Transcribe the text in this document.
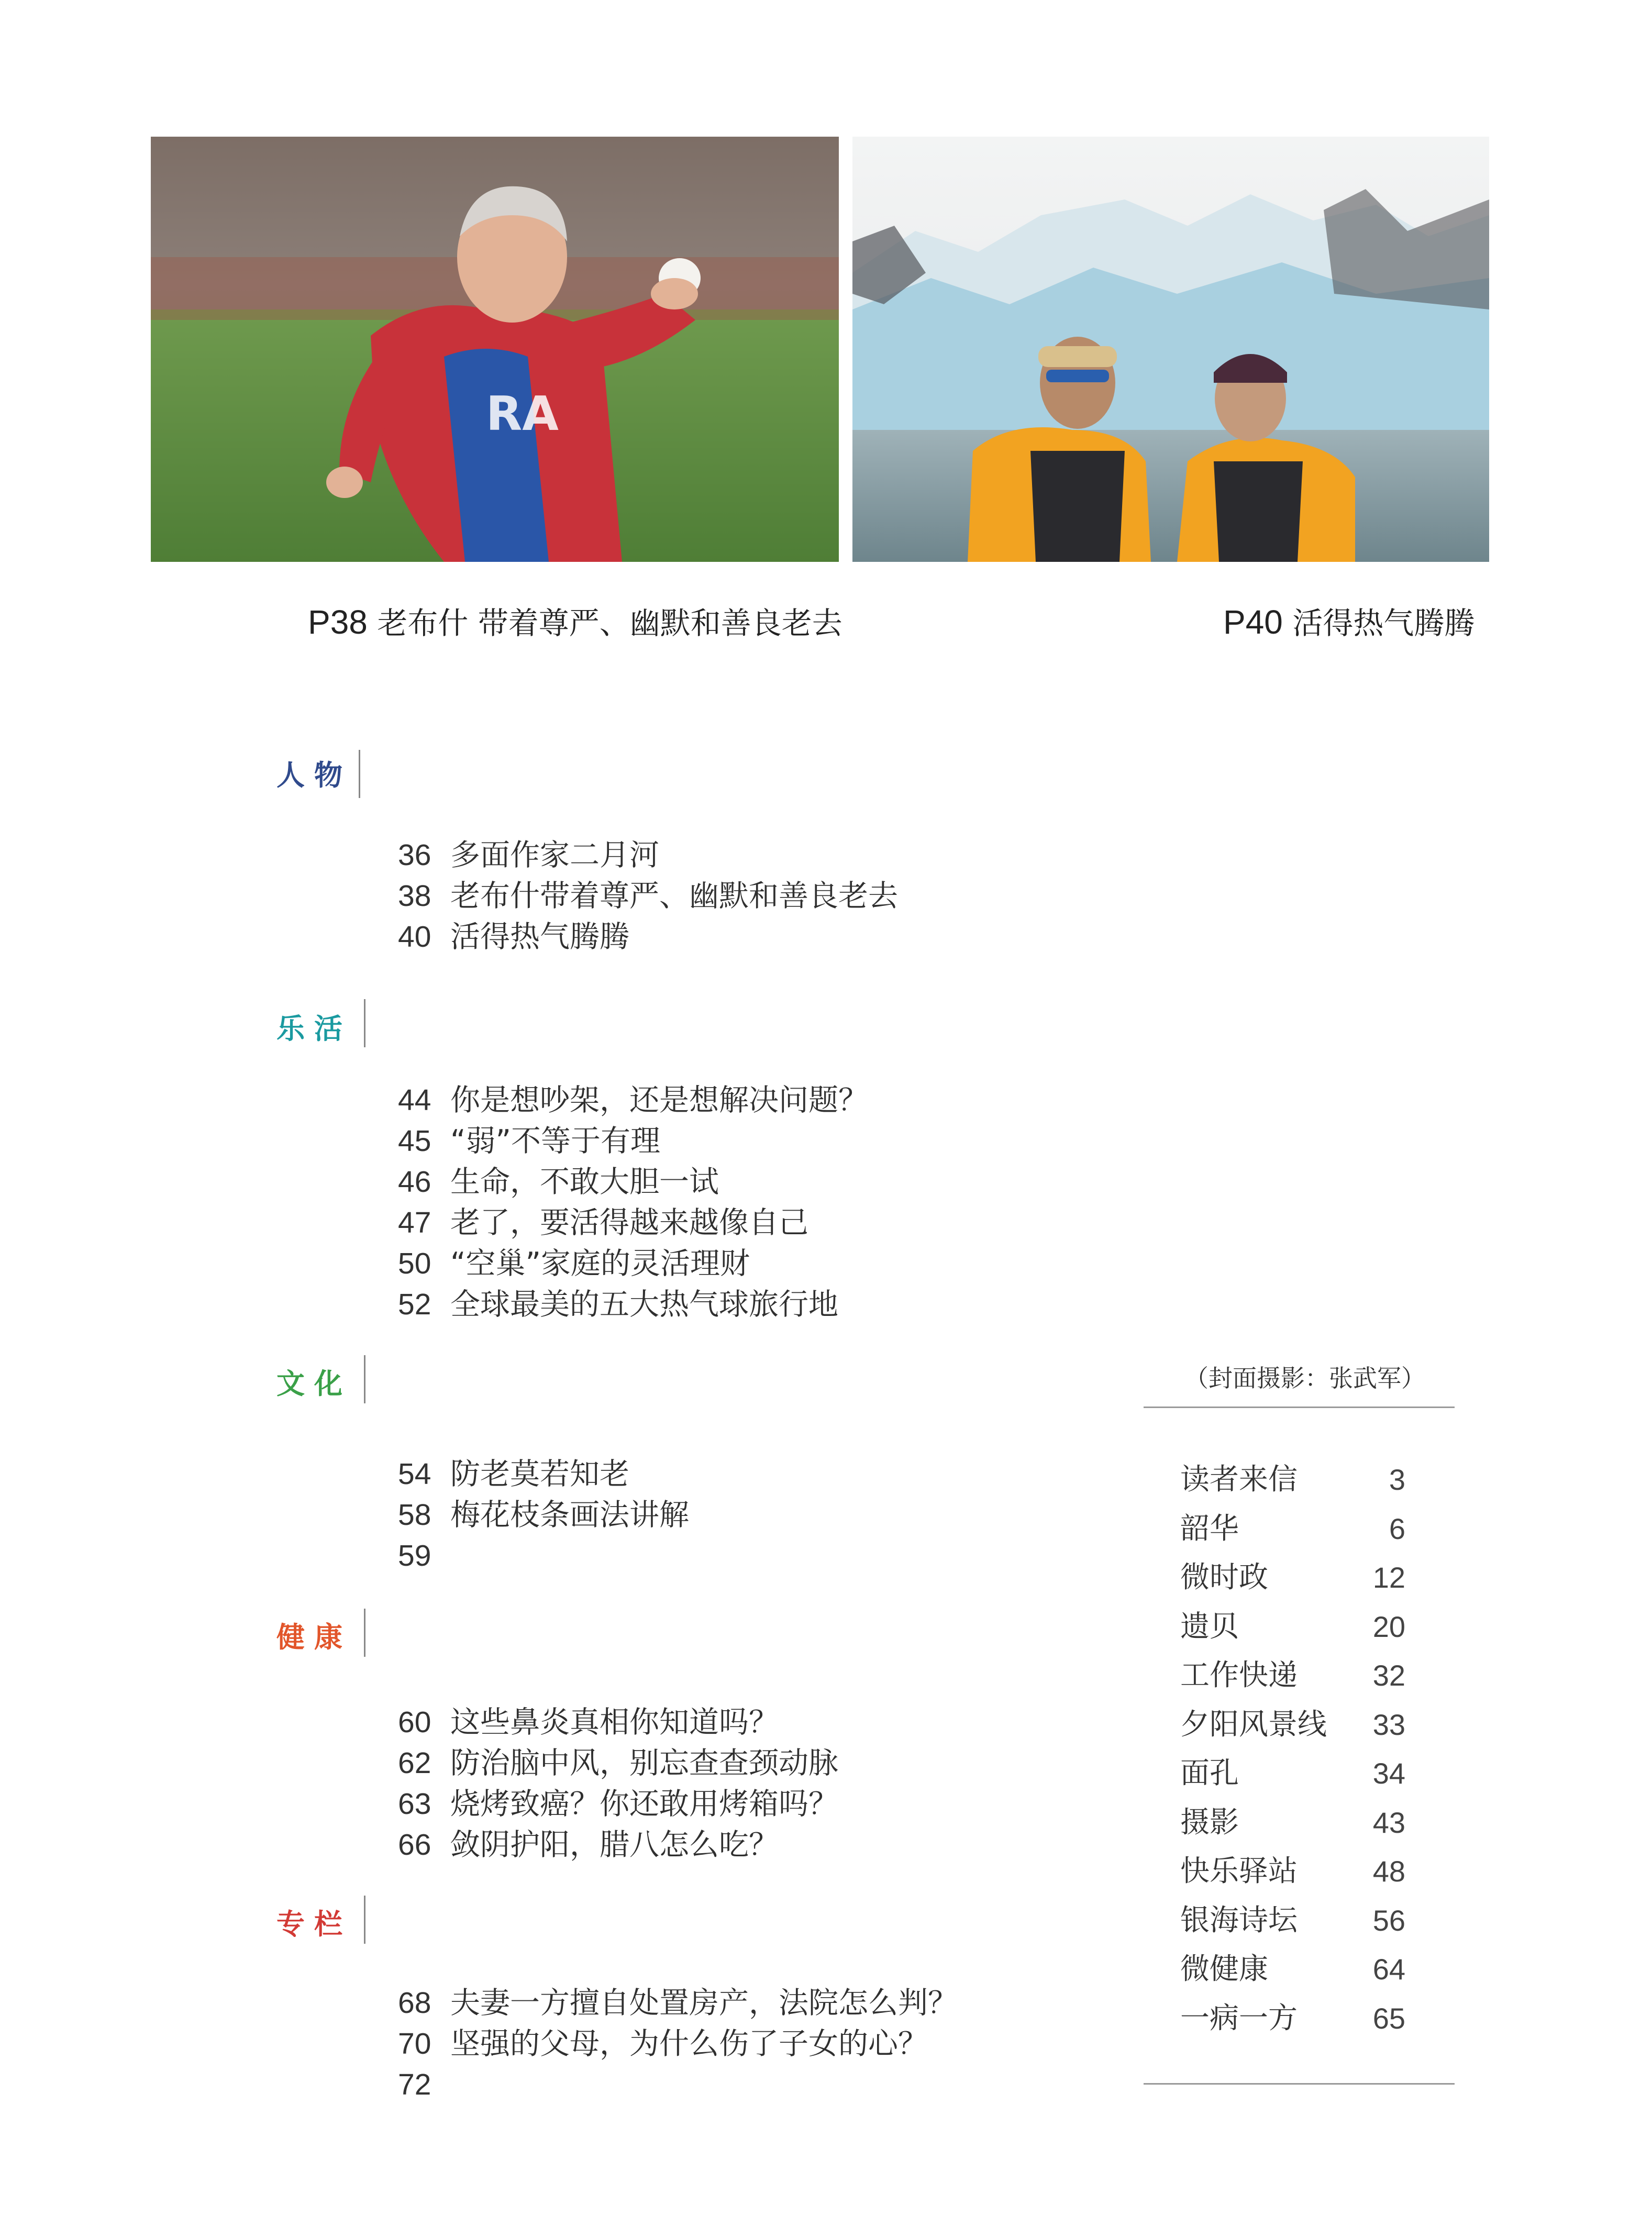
RA
P38 老布什 带着尊严、幽默和善良老去	P40 活得热气腾腾
人物
36 多面作家二月河
38 老布什带着尊严、幽默和善良老去
40 活得热气腾腾
乐活
44 你是想吵架，还是想解决问题？
45 “弱”不等于有理
46 生命，不敢大胆一试
47 老了，要活得越来越像自己
50 “空巢”家庭的灵活理财
52 全球最美的五大热气球旅行地
文化
54 防老莫若知老
58 梅花枝条画法讲解
59
健康
60 这些鼻炎真相你知道吗？
62 防治脑中风，别忘查查颈动脉
63 烧烤致癌？你还敢用烤箱吗？
66 敛阴护阳，腊八怎么吃？
专栏
68 夫妻一方擅自处置房产，法院怎么判？
70 坚强的父母，为什么伤了子女的心？
72
（封面摄影：张武军）
读者来信	3
韶华	6
微时政	12
遗贝	20
工作快递	32
夕阳风景线 33
面孔	34
摄影	43
快乐驿站	48
银海诗坛	56
微健康	64
一病一方	65
